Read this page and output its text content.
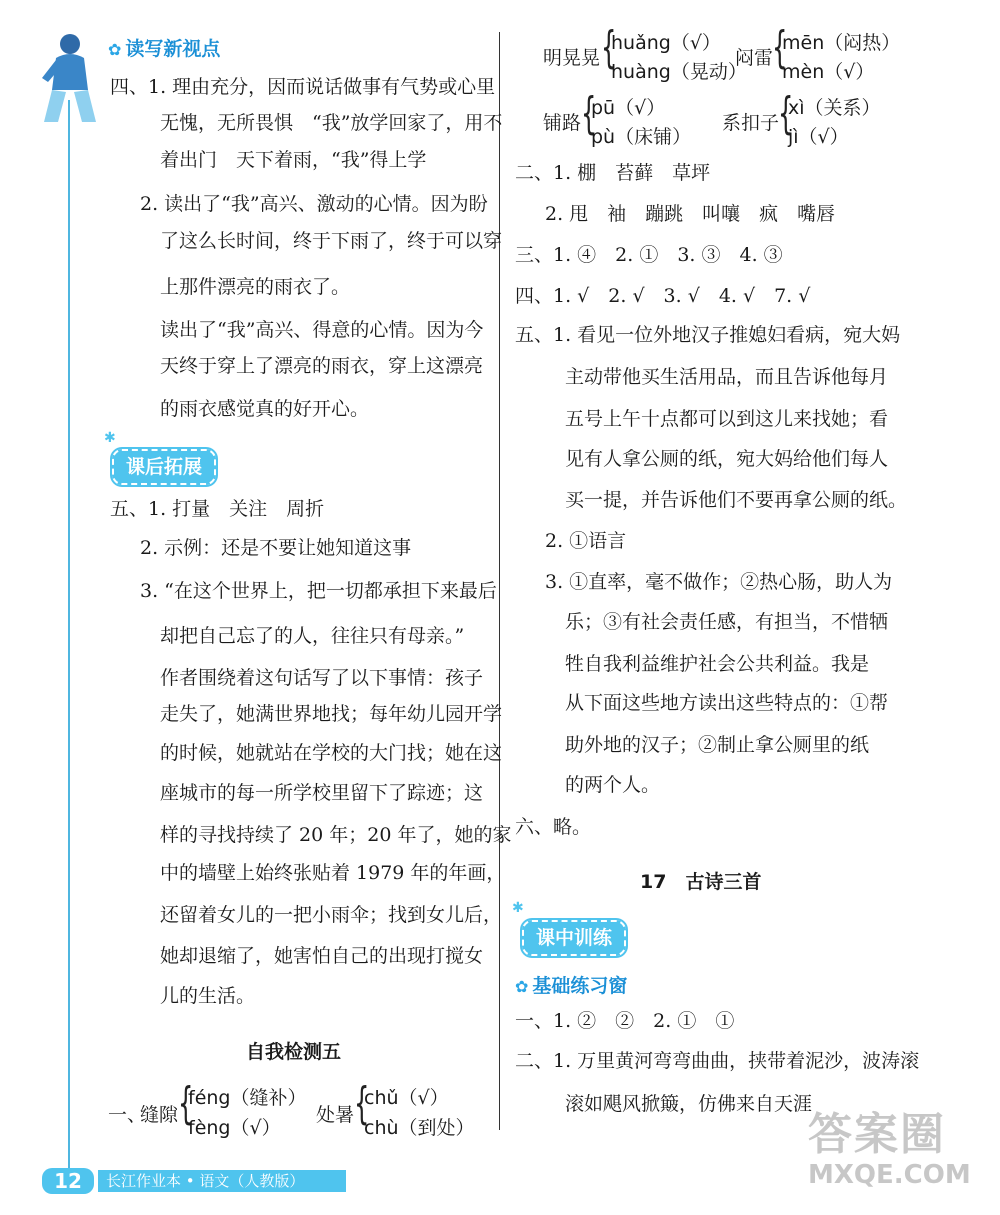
✿ 读写新视点
四、1. 理由充分，因而说话做事有气势或心里
无愧，无所畏惧　“我”放学回家了，用不
着出门　天下着雨，“我”得上学
2. 读出了“我”高兴、激动的心情。因为盼
了这么长时间，终于下雨了，终于可以穿
上那件漂亮的雨衣了。
读出了“我”高兴、得意的心情。因为今
天终于穿上了漂亮的雨衣，穿上这漂亮
的雨衣感觉真的好开心。
✱
课后拓展
五、1. 打量　关注　周折
2. 示例：还是不要让她知道这事
3. “在这个世界上，把一切都承担下来最后
却把自己忘了的人，往往只有母亲。”
作者围绕着这句话写了以下事情：孩子
走失了，她满世界地找；每年幼儿园开学
的时候，她就站在学校的大门找；她在这
座城市的每一所学校里留下了踪迹；这
样的寻找持续了 20 年；20 年了，她的家
中的墙壁上始终张贴着 1979 年的年画，
还留着女儿的一把小雨伞；找到女儿后，
她却退缩了，她害怕自己的出现打搅女
儿的生活。
自我检测五
一、
缝隙 {
féng（缝补）
fèng（√）
处暑 {
chǔ（√）
chù（到处）
明晃晃 {
huǎng（√）
huàng（晃动）
闷雷
{
mēn（闷热）
mèn（√）
铺路 {
pū（√）
pù（床铺）
系扣子
{
xì（关系）
jì（√）
二、1. 棚　苔藓　草坪
2. 甩　袖　蹦跳　叫嚷　疯　嘴唇
三、1. ④　2. ①　3. ③　4. ③
四、1. √　2. √　3. √　4. √　7. √
五、1. 看见一位外地汉子推媳妇看病，宛大妈
主动带他买生活用品，而且告诉他每月
五号上午十点都可以到这儿来找她；看
见有人拿公厕的纸，宛大妈给他们每人
买一提，并告诉他们不要再拿公厕的纸。
2. ①语言
3. ①直率，毫不做作；②热心肠，助人为
乐；③有社会责任感，有担当，不惜牺
牲自我利益维护社会公共利益。我是
从下面这些地方读出这些特点的：①帮
助外地的汉子；②制止拿公厕里的纸
的两个人。
六、略。
17　古诗三首
✱
课中训练
✿ 基础练习窗
一、1. ②　②　2. ①　①
二、1. 万里黄河弯弯曲曲，挟带着泥沙，波涛滚
滚如飓风掀簸，仿佛来自天涯
12	长江作业本 • 语文（人教版）
答案圈
MXQE.COM
